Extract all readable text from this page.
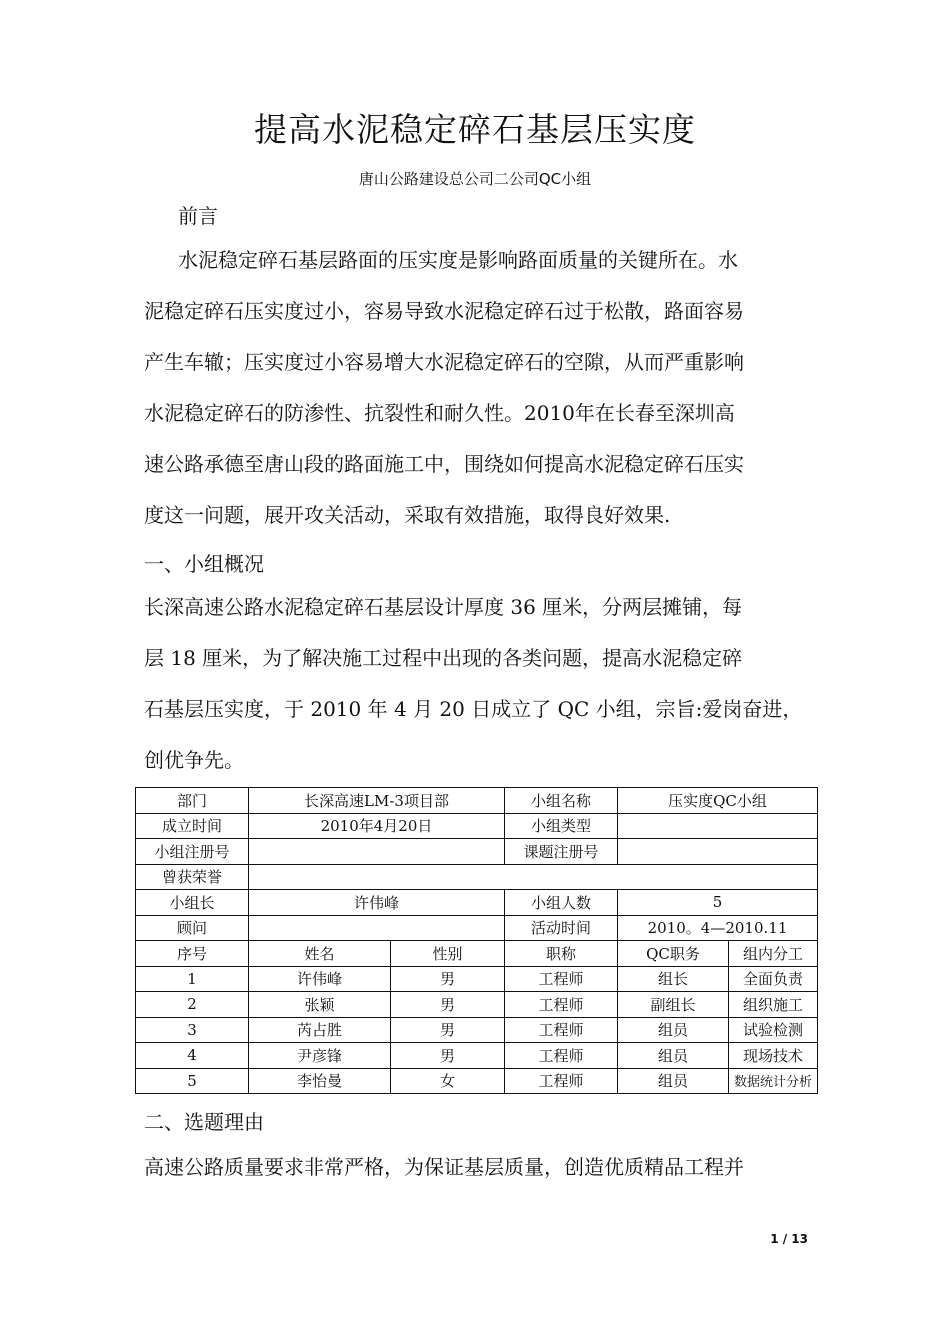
提高水泥稳定碎石基层压实度
唐山公路建设总公司二公司QC小组
前言
水泥稳定碎石基层路面的压实度是影响路面质量的关键所在。水
泥稳定碎石压实度过小，容易导致水泥稳定碎石过于松散，路面容易
产生车辙；压实度过小容易增大水泥稳定碎石的空隙，从而严重影响
水泥稳定碎石的防渗性、抗裂性和耐久性。2010年在长春至深圳高
速公路承德至唐山段的路面施工中，围绕如何提高水泥稳定碎石压实
度这一问题，展开攻关活动，采取有效措施，取得良好效果.
一、小组概况
长深高速公路水泥稳定碎石基层设计厚度 36 厘米，分两层摊铺，每
层 18 厘米，为了解决施工过程中出现的各类问题，提高水泥稳定碎
石基层压实度，于 2010 年 4 月 20 日成立了 QC 小组，宗旨:爱岗奋进，
创优争先。
部门	长深高速LM-3项目部		小组名称	压实度QC小组	
成立时间	2010年4月20日		小组类型		
小组注册号			课题注册号		
曾获荣誉					
小组长	许伟峰		小组人数	5	
顾问			活动时间	2010。4—2010.11	
序号	姓名	性别	职称	QC职务	组内分工
1	许伟峰	男	工程师	组长	全面负责
2	张颖	男	工程师	副组长	组织施工
3	芮占胜	男	工程师	组员	试验检测
4	尹彦锋	男	工程师	组员	现场技术
5	李怡曼	女	工程师	组员	数据统计分析
二、选题理由
高速公路质量要求非常严格，为保证基层质量，创造优质精品工程并
1 / 13
